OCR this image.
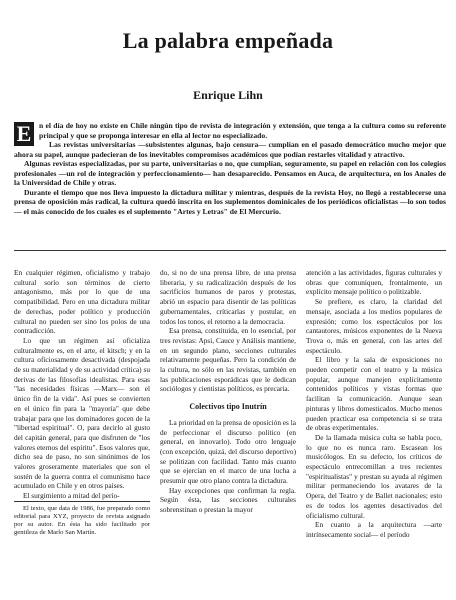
La palabra empeñada
Enrique Lihn
E	n el día de hoy no existe en Chile ningún tipo de revista de integración y extensión, que tenga a la cultura como su referente principal y que se proponga interesar en ella al lector no especializado.

Las revistas universitarias —subsistentes algunas, bajo censura— cumplían en el pasado democrático mucho mejor que ahora su papel, aunque padecieran de los inevitables compromisos académicos que podían restarles vitalidad y atractivo.

Algunas revistas especializadas, por su parte, universitarias o no, que cumplían, seguramente, su papel en relación con los colegios profesionales —un rol de integración y perfeccionamiento— han desaparecido. Pensamos en Auca, de arquitectura, en los Anales de la Universidad de Chile y otras.

Durante el tiempo que nos lleva impuesto la dictadura militar y mientras, después de la revista Hoy, no llegó a restablecerse una prensa de oposición más radical, la cultura quedó inscrita en los suplementos dominicales de los periódicos oficialistas —lo son todos— el más conocido de los cuales es el suplemento "Artes y Letras" de El Mercurio.

En cualquier régimen, oficialismo y trabajo cultural sorío son términos de cierto antagonismo, más por lo que de una compatibilidad. Pero en una dictadura militar de derechas, poder político y producción cultural no pueden ser sino los polos de una contradicción.

Lo que un régimen así oficializa culturalmente es, en el arte, el kitsch; y en la cultura oficiosamente desactivada (despojada de su materialidad y de su actividad crítica) su derivas de las filosofías idealistas. Para esas "las necesidades físicas —Marx— son el único fin de la vida". Así pues se convierten en el único fin para la "mayoría" que debe trabajar para que los dominadores gocen de la "libertad espiritual". O, para decirlo al gusto del capitán general, para que disfruten de "los valores eternos del espíritu". Esos valores que, dicho sea de paso, no son sinónimos de los valores groseramente materiales que son el sostén de la guerra contra el comunismo hace acumulado en Chile y en otros países.

El surgimiento a mitad del perío-

El texto, que data de 1986, fue preparado como editorial para XYZ, proyecto de revista asignado por su autor. En ésta ha sido facilitado por gentileza de Marlo San Martín.

do, si no de una prensa libre, de una prensa liberaria, y su radicalización después de los sacrificios humanos de paros y protestas, abrió un espacio para disentir de las políticas gubernamentales, críticarlas y postular, en todos los tonos, el retorno a la democracia.

Esa prensa, constituida, en lo esencial, por tres revistas: Apsi, Cauce y Análisis mantiene, en un segundo plano, secciones culturales relativamente pequeñas. Pero la condición de la cultura, no sólo en las revistas, también en las publicaciones esporádicas que le dedican sociólogos y cientistas políticos, es precaria.

Colectivos tipo Inutrín

La prioridad en la prensa de oposición es la de perfeccionar el discurso político (en general, en innovarlo). Todo otro lenguaje (con excepción, quizá, del discurso deportivo) se politizan con facilidad. Tanto más cuanto que se ejercían en el marco de una lucha a presumir que otro plano contra la dictadura.

Hay excepciones que confirman la regla. Según ésta, las secciones culturales sobrenstinan o prestan la mayor

atención a las actividades, figuras culturales y obras que comuniquen, frontalmente, un explícito mensaje político o politizable.

Se prefiere, es claro, la claridad del mensaje, asociada a los medios populares de expresión; como los espectáculos por los cantautores, músicos exponentes de la Nueva Trova o, más en general, con las artes del espectáculo.

El libro y la sala de exposiciones no pueden competir con el teatro y la música popular, aunque manejen explícitamente contenidos políticos y vistas formas que facilitan la comunicación. Aunque sean pinturas y libros domesticados. Mucho menos pueden practicar esa competencia si se trata de obras experimentales.

De la llamada música culta se habla poco, lo que no es nunca raro. Escasean los musicólogos. En su defecto, los críticos de espectáculo entrecomillan a tres recientes "espiritualistas" y prestan su ayuda al régimen militar permaneciendo los avatares de la Opera, del Teatro y de Ballet nacionales; esto es de todos los agentes desactivados del oficialismo cultural.

En cuanto a la arquitectura —arte intrínsecamente social— el período
